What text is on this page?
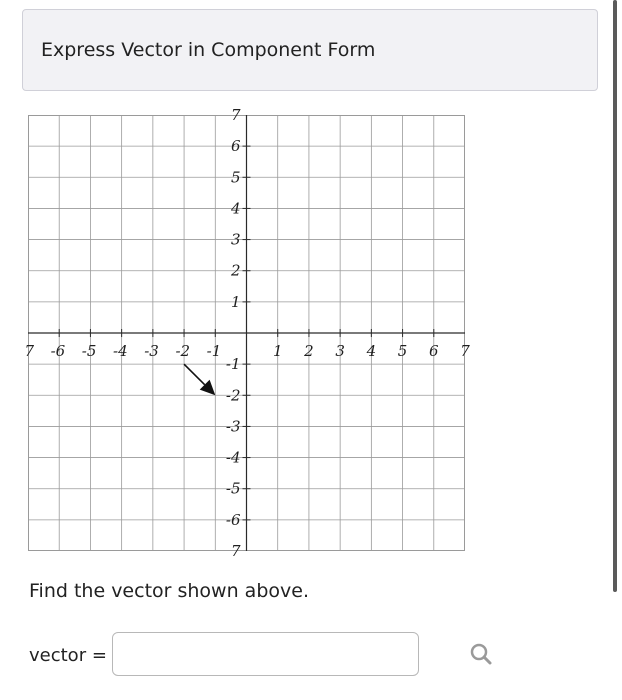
Express Vector in Component Form
7 -6 -5 -4 -3 -2 -1	1 2 3 4 5 6 7
6
5
4
3
2
1
7
-1
-2
-3
-4
-5
-6
7
Find the vector shown above.
vector =
